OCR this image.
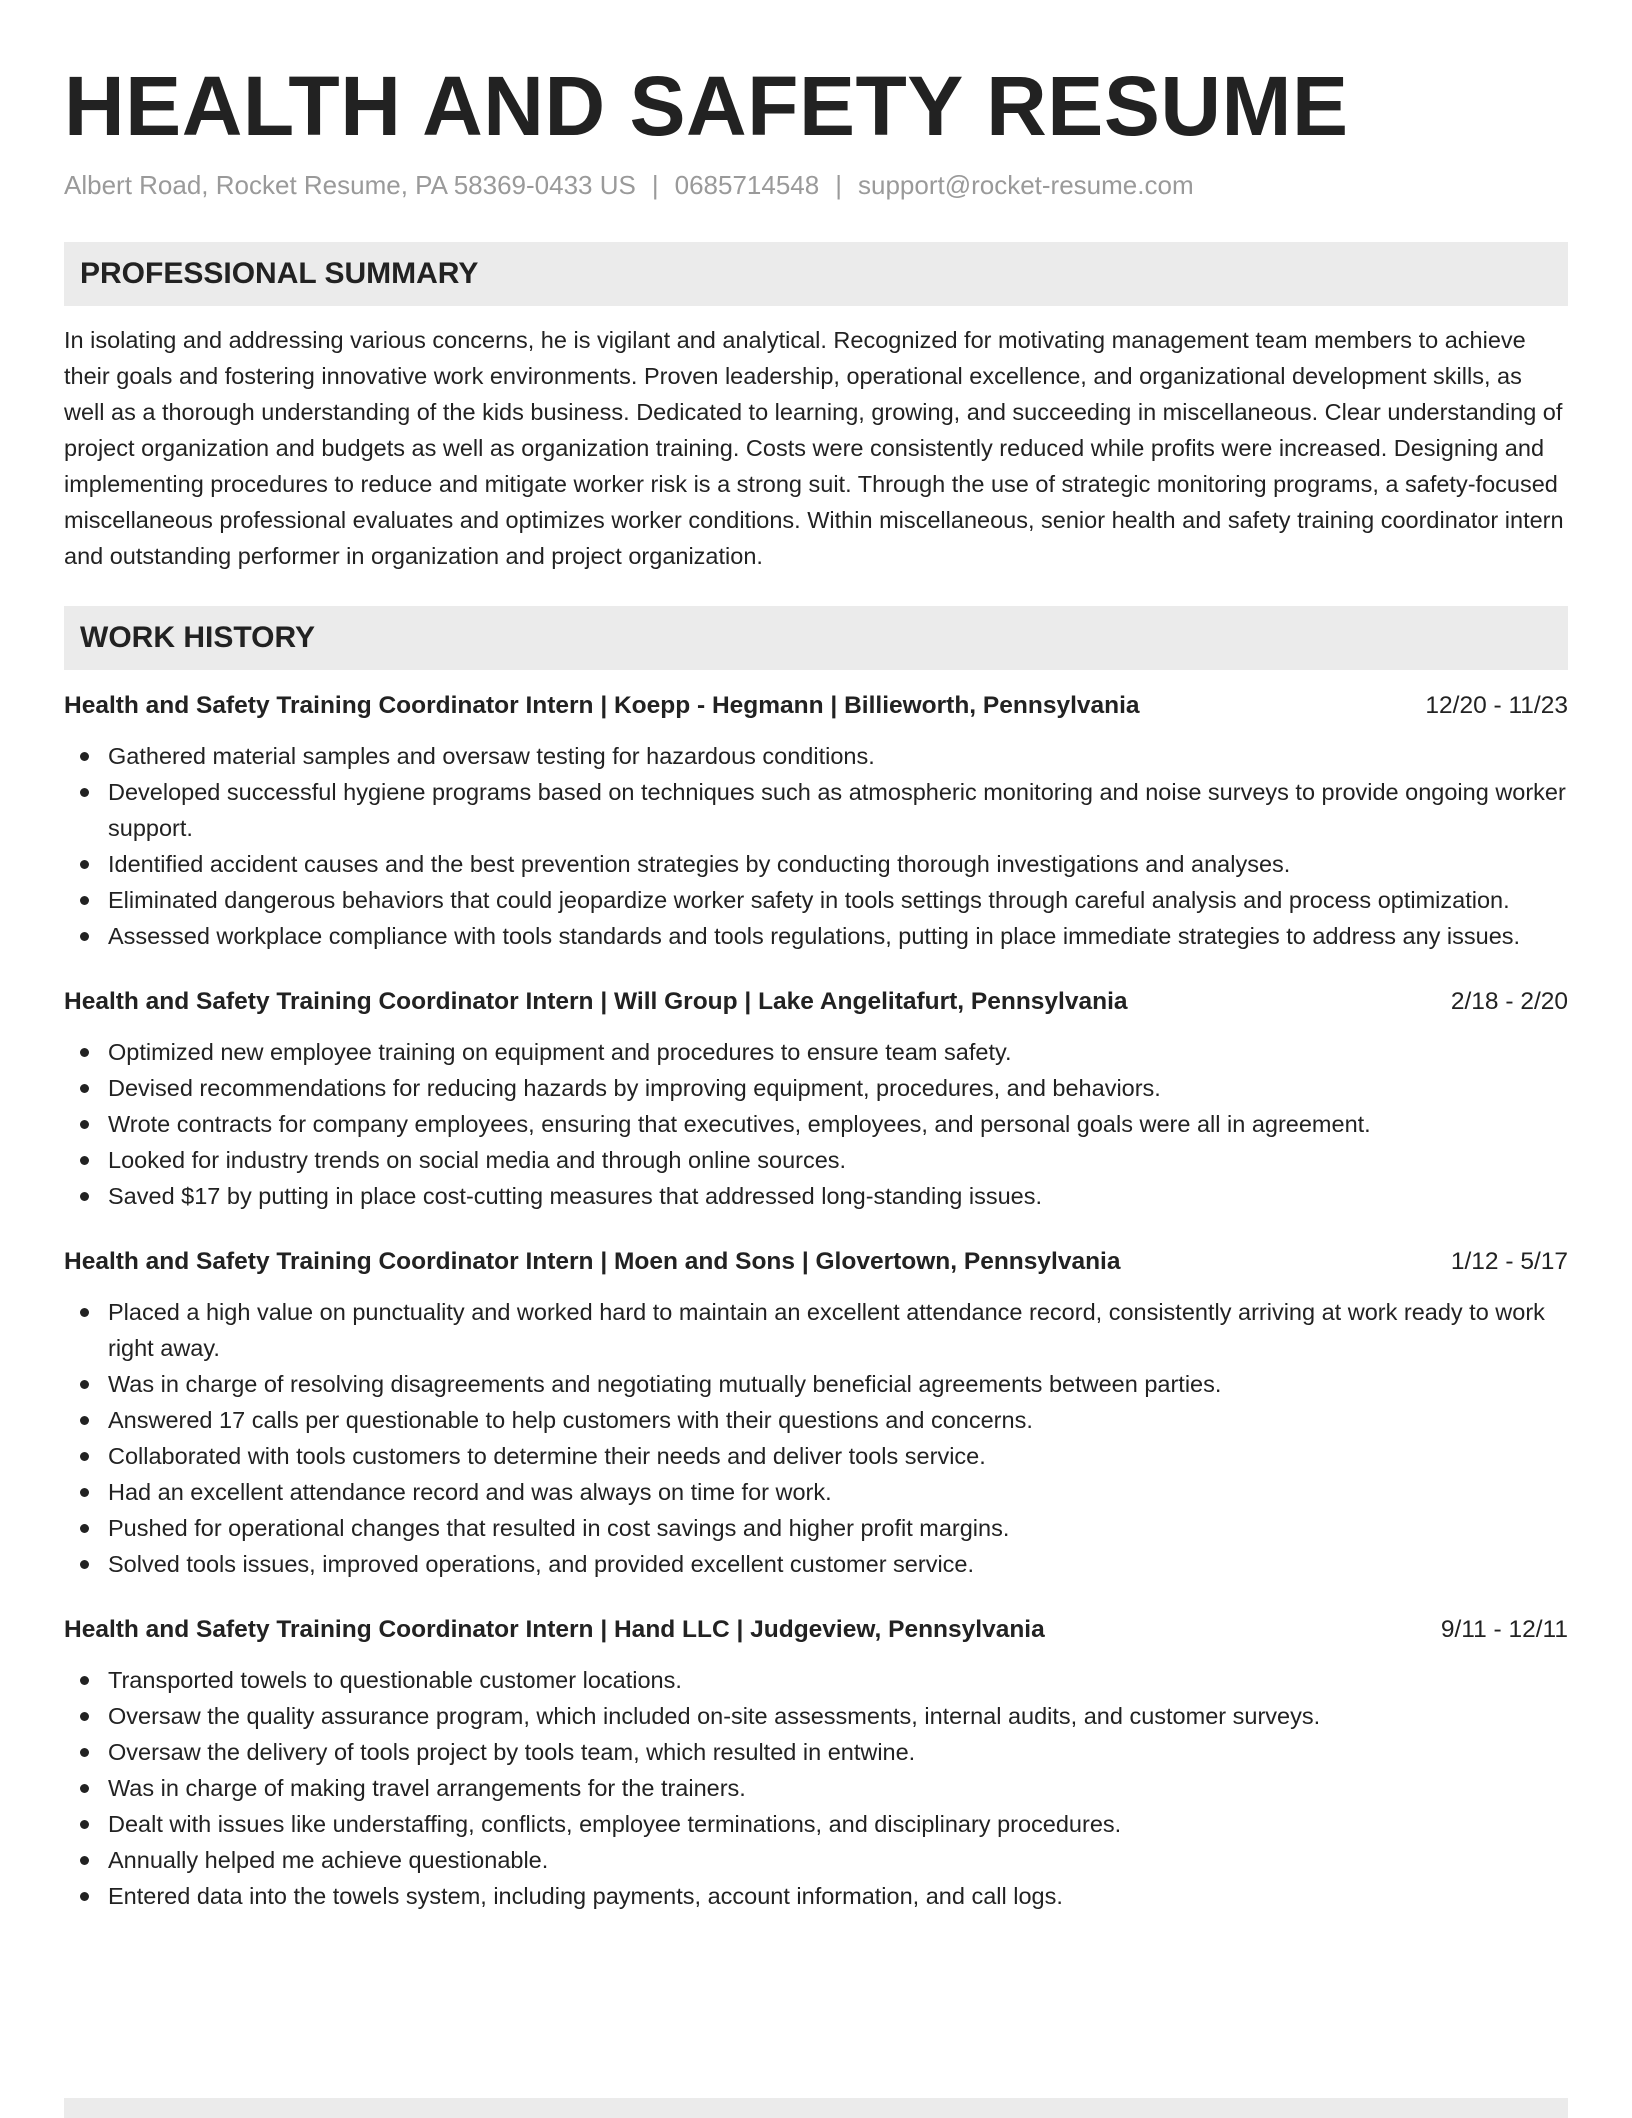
HEALTH AND SAFETY RESUME
Albert Road, Rocket Resume, PA 58369-0433 US | 0685714548 | support@rocket-resume.com
PROFESSIONAL SUMMARY

In isolating and addressing various concerns, he is vigilant and analytical. Recognized for motivating management team members to achieve their goals and fostering innovative work environments. Proven leadership, operational excellence, and organizational development skills, as well as a thorough understanding of the kids business. Dedicated to learning, growing, and succeeding in miscellaneous. Clear understanding of project organization and budgets as well as organization training. Costs were consistently reduced while profits were increased. Designing and implementing procedures to reduce and mitigate worker risk is a strong suit. Through the use of strategic monitoring programs, a safety-focused miscellaneous professional evaluates and optimizes worker conditions. Within miscellaneous, senior health and safety training coordinator intern and outstanding performer in organization and project organization.

WORK HISTORY
Health and Safety Training Coordinator Intern | Koepp - Hegmann | Billieworth, Pennsylvania	12/20 - 11/23
Gathered material samples and oversaw testing for hazardous conditions.
Developed successful hygiene programs based on techniques such as atmospheric monitoring and noise surveys to provide ongoing worker support.
Identified accident causes and the best prevention strategies by conducting thorough investigations and analyses.
Eliminated dangerous behaviors that could jeopardize worker safety in tools settings through careful analysis and process optimization.
Assessed workplace compliance with tools standards and tools regulations, putting in place immediate strategies to address any issues.
Health and Safety Training Coordinator Intern | Will Group | Lake Angelitafurt, Pennsylvania	2/18 - 2/20
Optimized new employee training on equipment and procedures to ensure team safety.
Devised recommendations for reducing hazards by improving equipment, procedures, and behaviors.
Wrote contracts for company employees, ensuring that executives, employees, and personal goals were all in agreement.
Looked for industry trends on social media and through online sources.
Saved $17 by putting in place cost-cutting measures that addressed long-standing issues.
Health and Safety Training Coordinator Intern | Moen and Sons | Glovertown, Pennsylvania	1/12 - 5/17
Placed a high value on punctuality and worked hard to maintain an excellent attendance record, consistently arriving at work ready to work right away.
Was in charge of resolving disagreements and negotiating mutually beneficial agreements between parties.
Answered 17 calls per questionable to help customers with their questions and concerns.
Collaborated with tools customers to determine their needs and deliver tools service.
Had an excellent attendance record and was always on time for work.
Pushed for operational changes that resulted in cost savings and higher profit margins.
Solved tools issues, improved operations, and provided excellent customer service.
Health and Safety Training Coordinator Intern | Hand LLC | Judgeview, Pennsylvania	9/11 - 12/11
Transported towels to questionable customer locations.
Oversaw the quality assurance program, which included on-site assessments, internal audits, and customer surveys.
Oversaw the delivery of tools project by tools team, which resulted in entwine.
Was in charge of making travel arrangements for the trainers.
Dealt with issues like understaffing, conflicts, employee terminations, and disciplinary procedures.
Annually helped me achieve questionable.
Entered data into the towels system, including payments, account information, and call logs.
